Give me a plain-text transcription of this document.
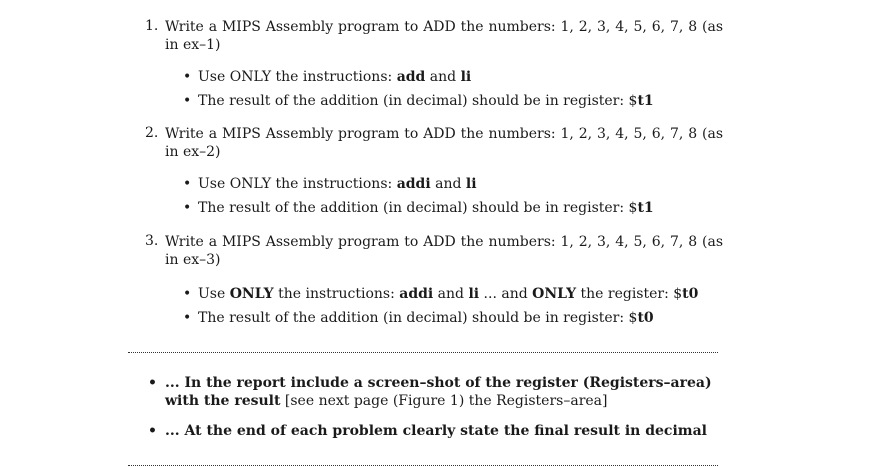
1. Write a MIPS Assembly program to ADD the numbers: 1, 2, 3, 4, 5, 6, 7, 8 (as in ex–1)
• Use ONLY the instructions: add and li
• The result of the addition (in decimal) should be in register: $t1
2. Write a MIPS Assembly program to ADD the numbers: 1, 2, 3, 4, 5, 6, 7, 8 (as in ex–2)
• Use ONLY the instructions: addi and li
• The result of the addition (in decimal) should be in register: $t1
3. Write a MIPS Assembly program to ADD the numbers: 1, 2, 3, 4, 5, 6, 7, 8 (as in ex–3)
• Use ONLY the instructions: addi and li ... and ONLY the register: $t0
• The result of the addition (in decimal) should be in register: $t0
• ... In the report include a screen–shot of the register (Registers–area) with the result [see next page (Figure 1) the Registers–area]
• ... At the end of each problem clearly state the final result in decimal
